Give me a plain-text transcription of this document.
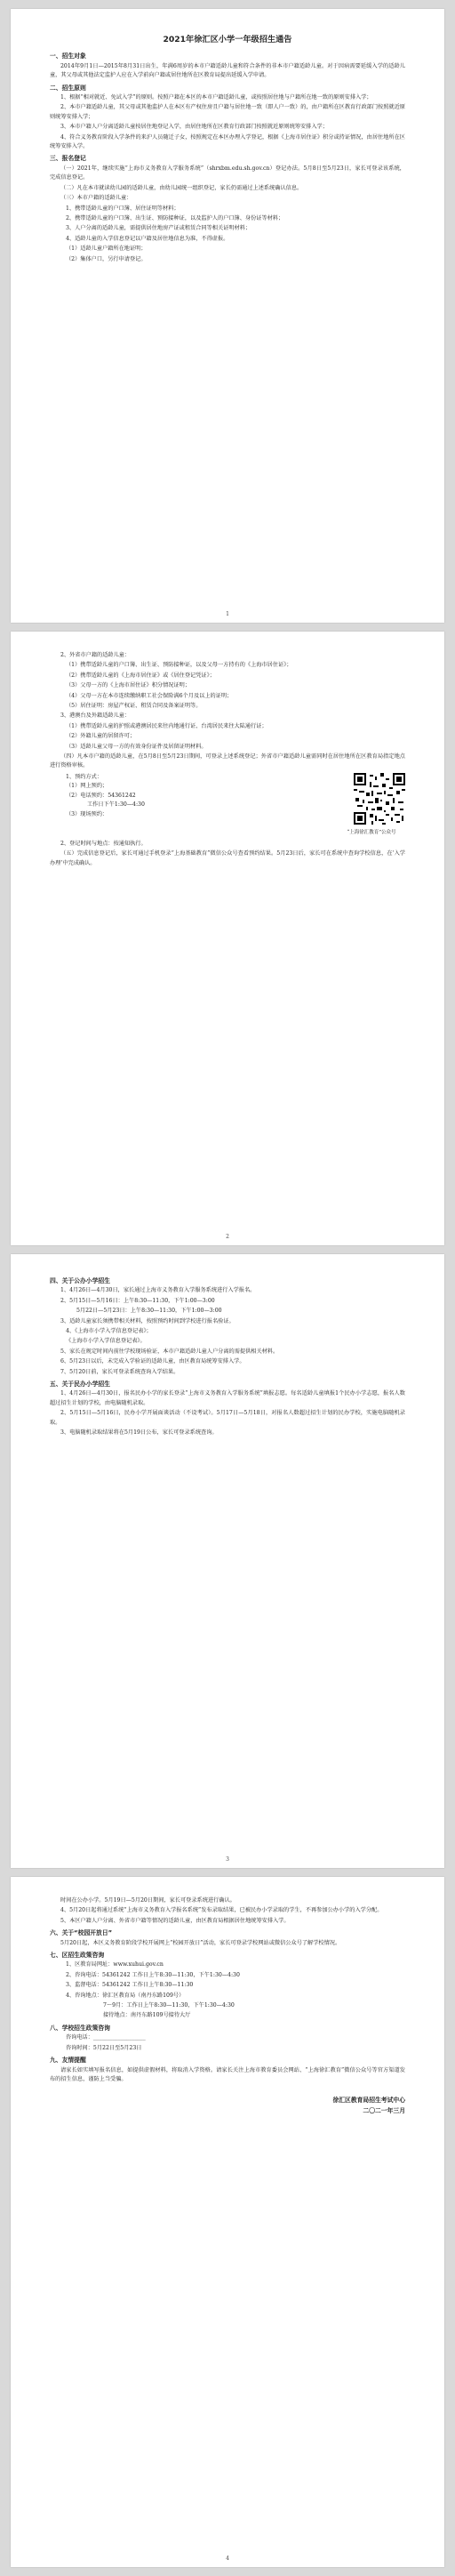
2021年徐汇区小学一年级招生通告
一、招生对象
2014年9月1日—2015年8月31日出生，年满6周岁的本市户籍适龄儿童和符合条件的非本市户籍适龄儿童。对于因病需要延缓入学的适龄儿童，其父母或其他法定监护人应在入学前向户籍或居住地所在区教育局提出延缓入学申请。
二、招生原则
1、根据“相对就近、免试入学”的原则。按照户籍在本区的本市户籍适龄儿童，或按照居住地与户籍所在地一致的原则安排入学；
2、本市户籍适龄儿童，其父母或其他监护人在本区有产权住房且户籍与居住地一致（即人户一致）的，由户籍所在区教育行政部门按照就近原则统筹安排入学；
3、本市户籍人户分离适龄儿童按居住地登记入学，由居住地所在区教育行政部门按照就近原则统筹安排入学；
4、符合义务教育阶段入学条件的来沪人员随迁子女，按照规定在本区办理入学登记，根据《上海市居住证》积分或持证情况，由居住地所在区统筹安排入学。
三、报名登记
（一）2021年，继续实施“上海市义务教育入学服务系统”（shrxbm.edu.sh.gov.cn）登记办法。5月8日至5月23日，家长可登录该系统，完成信息登记。
（二）凡在本市就读幼儿园的适龄儿童，由幼儿园统一组织登记，家长仍需通过上述系统确认信息。
（三）本市户籍的适龄儿童：
1、携带适龄儿童的户口簿、居住证明等材料；
2、携带适龄儿童的户口簿、出生证、预防接种证，以及监护人的户口簿、身份证等材料；
3、人户分离的适龄儿童，需提供居住地房产证或租赁合同等相关证明材料；
4、适龄儿童的入学信息登记以户籍及居住地信息为准，不得虚报。
（1）适龄儿童户籍所在地证明；
（2）集体户口，另行申请登记。
1
2、外省市户籍的适龄儿童：
（1）携带适龄儿童的户口簿、出生证、预防接种证，以及父母一方持有的《上海市居住证》；
（2）携带适龄儿童的《上海市居住证》或《居住登记凭证》；
（3）父母一方的《上海市居住证》积分情况证明；
（4）父母一方在本市连续缴纳职工社会保险满6个月及以上的证明；
（5）居住证明：房屋产权证、租赁合同及备案证明等。
3、港澳台及外籍适龄儿童：
（1）携带适龄儿童的护照或港澳居民来往内地通行证、台湾居民来往大陆通行证；
（2）外籍儿童的居留许可；
（3）适龄儿童父母一方的有效身份证件及居留证明材料。
（四）凡本市户籍的适龄儿童，在5月8日至5月23日期间，可登录上述系统登记；外省市户籍适龄儿童需同时在居住地所在区教育局指定地点进行资格审核。
1、预约方式：
（1）网上预约；
（2）电话预约：54361242
工作日下午1:30—4:30
（3）现场预约：
“上海徐汇教育”公众号
2、登记时间与地点：按通知执行。
（五）完成信息登记后，家长可通过手机登录“上海基础教育”微信公众号查看预约结果。5月23日后，家长可在系统中查询学校信息，在‘入学办理’中完成确认。
2
四、关于公办小学招生
1、4月26日—4月30日，家长通过上海市义务教育入学服务系统进行入学报名。
2、5月15日—5月16日：上午8:30—11:30，下午1:00—3:00
5月22日—5月23日：上午8:30—11:30，下午1:00—3:00
3、适龄儿童家长须携带相关材料，按照预约时间到学校进行报名验证。
4、《上海市小学入学信息登记表》；
《上海市小学入学信息登记表》。
5、家长在规定时间内前往学校现场验证，本市户籍适龄儿童人户分离的需提供相关材料。
6、5月23日以后，未完成入学验证的适龄儿童，由区教育局统筹安排入学。
7、5月20日前，家长可登录系统查询入学结果。
五、关于民办小学招生
1、4月26日—4月30日，报名民办小学的家长登录“上海市义务教育入学服务系统”填报志愿。每名适龄儿童填报1个民办小学志愿，报名人数超过招生计划的学校，由电脑随机录取。
2、5月15日—5月16日，民办小学开展面谈活动（不设考试）。5月17日—5月18日，对报名人数超过招生计划的民办学校，实施电脑随机录取。
3、电脑随机录取结果将在5月19日公布，家长可登录系统查询。
3
时间在公办小学。5月19日—5月20日期间，家长可登录系统进行确认。
4、5月20日起将通过系统“上海市义务教育入学报名系统”发布录取结果，已被民办小学录取的学生，不再参加公办小学的入学分配。
5、本区户籍人户分离、外省市户籍等情况的适龄儿童，由区教育局根据居住地统筹安排入学。
六、关于“校园开放日”
5月20日起，本区义务教育阶段学校开展网上“校园开放日”活动，家长可登录学校网站或微信公众号了解学校情况。
七、区招生政策咨询
1、区教育局网址：www.xuhui.gov.cn
2、咨询电话：54361242 工作日上午8:30—11:30，下午1:30—4:30
3、监督电话：54361242 工作日上午8:30—11:30
4、咨询地点：徐汇区教育局（南丹东路109号）
7～9月：工作日上午8:30—11:30，下午1:30—4:30
接待地点：南丹东路109号接待大厅
八、学校招生政策咨询
咨询电话：___________________
咨询时间：5月22日至5月23日
九、友情提醒
请家长如实填写报名信息，如提供虚假材料，将取消入学资格。请家长关注上海市教育委员会网站、“上海徐汇教育”微信公众号等官方渠道发布的招生信息，谨防上当受骗。
徐汇区教育局招生考试中心
二〇二一年三月
4
